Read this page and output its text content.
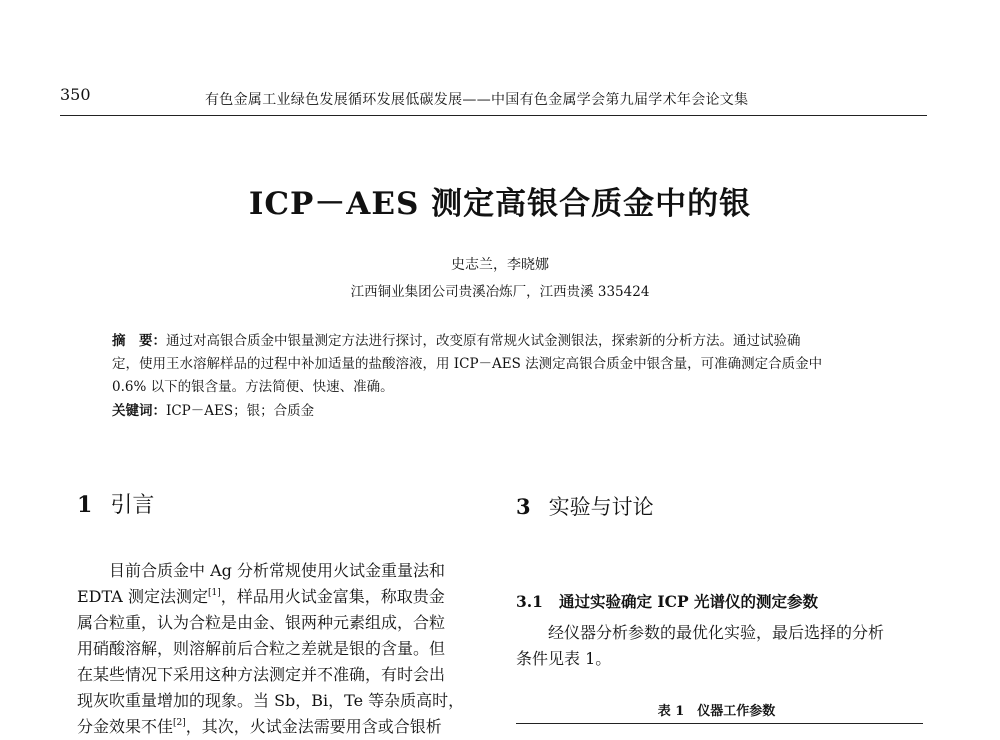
350	有色金属工业绿色发展循环发展低碳发展——中国有色金属学会第九届学术年会论文集
ICP－AES 测定高银合质金中的银
史志兰，李晓娜
江西铜业集团公司贵溪冶炼厂，江西贵溪 335424
摘　要：通过对高银合质金中银量测定方法进行探讨，改变原有常规火试金测银法，探索新的分析方法。通过试验确
定，使用王水溶解样品的过程中补加适量的盐酸溶液，用 ICP－AES 法测定高银合质金中银含量，可准确测定合质金中
0.6% 以下的银含量。方法简便、快速、准确。
关键词：ICP－AES；银；合质金
1 引言
目前合质金中 Ag 分析常规使用火试金重量法和
EDTA 测定法测定[1]，样品用火试金富集，称取贵金
属合粒重，认为合粒是由金、银两种元素组成，合粒
用硝酸溶解，则溶解前后合粒之差就是银的含量。但
在某些情况下采用这种方法测定并不准确，有时会出
现灰吹重量增加的现象。当 Sb，Bi，Te 等杂质高时，
分金效果不佳[2]，其次，火试金法需要用含或合银析
3 实验与讨论
3.1 通过实验确定 ICP 光谱仪的测定参数
经仪器分析参数的最优化实验，最后选择的分析
条件见表 1。
表 1　仪器工作参数
